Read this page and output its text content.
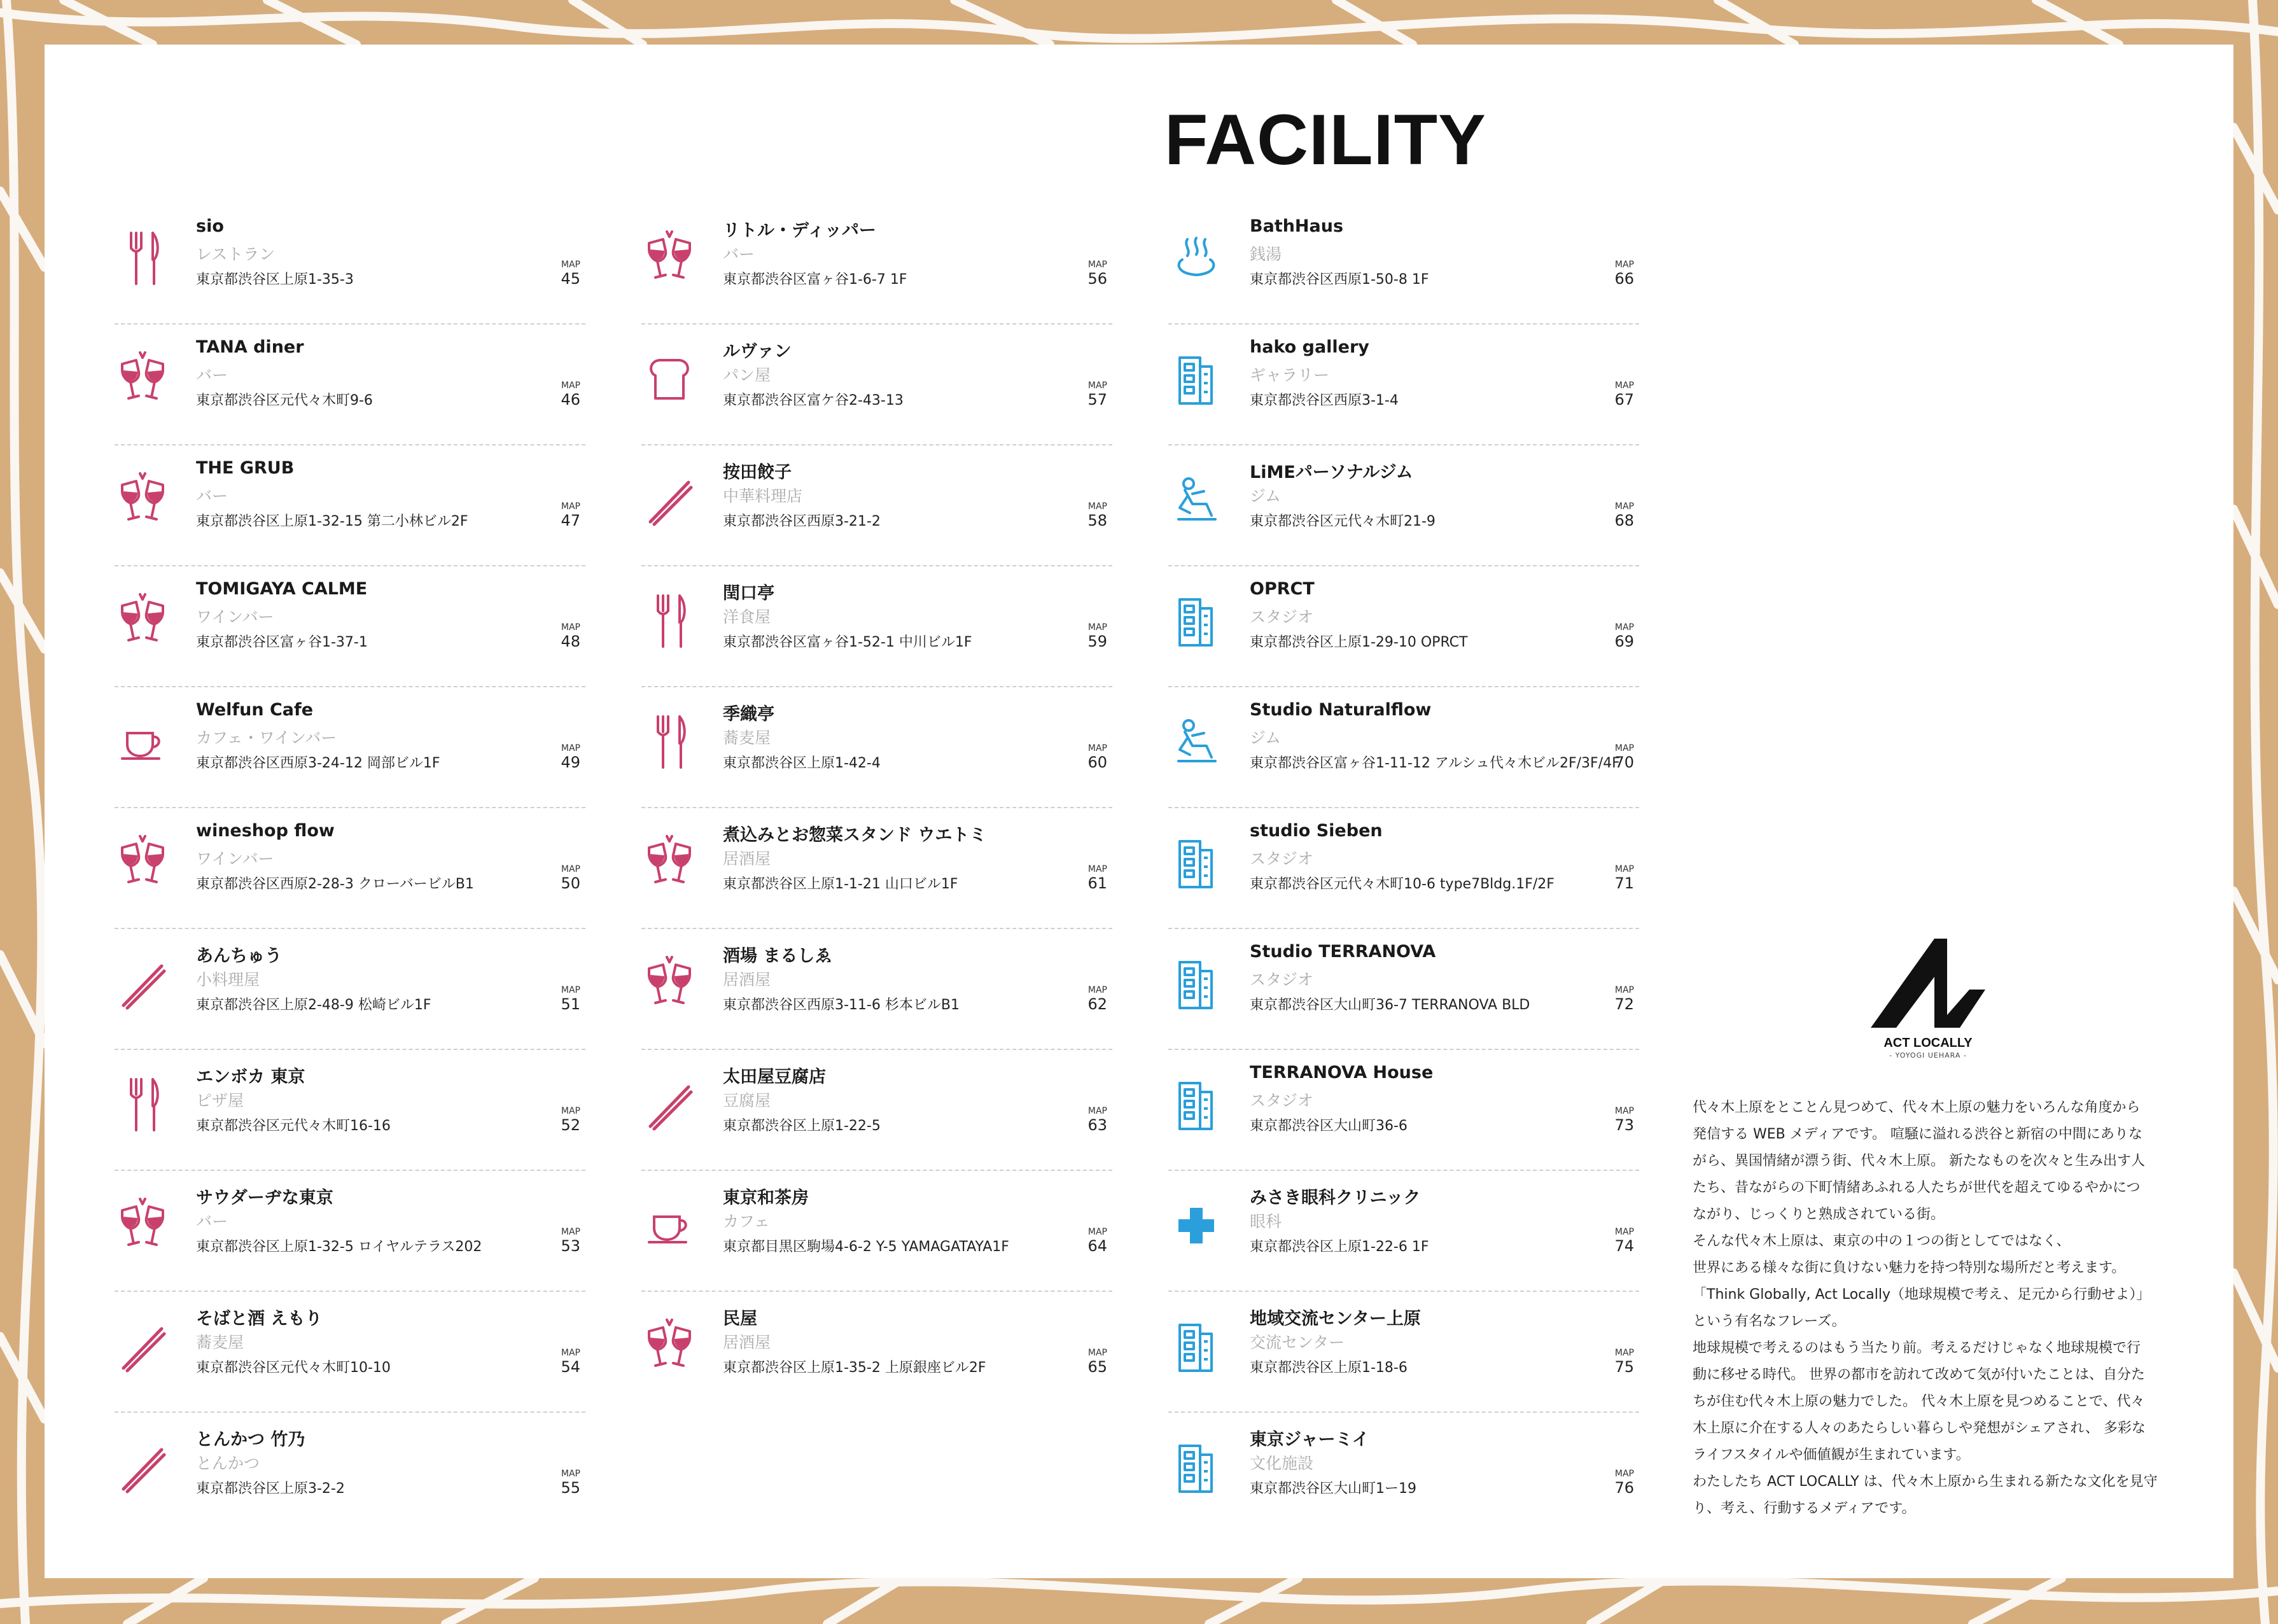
FACILITY
sio
レストラン
東京都渋谷区上原1-35-3
MAP
45
TANA diner
バー
東京都渋谷区元代々木町9-6
MAP
46
THE GRUB
バー
東京都渋谷区上原1-32-15 第二小林ビル2F
MAP
47
TOMIGAYA CALME
ワインバー
東京都渋谷区富ヶ谷1-37-1
MAP
48
Welfun Cafe
カフェ・ワインバー
東京都渋谷区西原3-24-12 岡部ビル1F
MAP
49
wineshop flow
ワインバー
東京都渋谷区西原2-28-3 クローバービルB1
MAP
50
あんちゅう
小料理屋
東京都渋谷区上原2-48-9 松崎ビル1F
MAP
51
エンボカ 東京
ピザ屋
東京都渋谷区元代々木町16-16
MAP
52
サウダーヂな東京
バー
東京都渋谷区上原1-32-5 ロイヤルテラス202
MAP
53
そばと酒 えもり
蕎麦屋
東京都渋谷区元代々木町10-10
MAP
54
とんかつ 竹乃
とんかつ
東京都渋谷区上原3-2-2
MAP
55
リトル・ディッパー
バー
東京都渋谷区富ヶ谷1-6-7 1F
MAP
56
ルヴァン
パン屋
東京都渋谷区富ケ谷2-43-13
MAP
57
按田餃子
中華料理店
東京都渋谷区西原3-21-2
MAP
58
閏口亭
洋食屋
東京都渋谷区富ヶ谷1-52-1 中川ビル1F
MAP
59
季織亭
蕎麦屋
東京都渋谷区上原1-42-4
MAP
60
煮込みとお惣菜スタンド ウエトミ
居酒屋
東京都渋谷区上原1-1-21 山口ビル1F
MAP
61
酒場 まるしゑ
居酒屋
東京都渋谷区西原3-11-6 杉本ビルB1
MAP
62
太田屋豆腐店
豆腐屋
東京都渋谷区上原1-22-5
MAP
63
東京和茶房
カフェ
東京都目黒区駒場4-6-2 Y-5 YAMAGATAYA1F
MAP
64
民屋
居酒屋
東京都渋谷区上原1-35-2 上原銀座ビル2F
MAP
65
BathHaus
銭湯
東京都渋谷区西原1-50-8 1F
MAP
66
hako gallery
ギャラリー
東京都渋谷区西原3-1-4
MAP
67
LiMEパーソナルジム
ジム
東京都渋谷区元代々木町21-9
MAP
68
OPRCT
スタジオ
東京都渋谷区上原1-29-10 OPRCT
MAP
69
Studio Naturalflow
ジム
東京都渋谷区富ヶ谷1-11-12 アルシュ代々木ビル2F/3F/4F
MAP
70
studio Sieben
スタジオ
東京都渋谷区元代々木町10-6 type7Bldg.1F/2F
MAP
71
Studio TERRANOVA
スタジオ
東京都渋谷区大山町36-7 TERRANOVA BLD
MAP
72
TERRANOVA House
スタジオ
東京都渋谷区大山町36-6
MAP
73
みさき眼科クリニック
眼科
東京都渋谷区上原1-22-6 1F
MAP
74
地域交流センター上原
交流センター
東京都渋谷区上原1-18-6
MAP
75
東京ジャーミイ
文化施設
東京都渋谷区大山町1ー19
MAP
76
ACT LOCALLY
- YOYOGI UEHARA -

代々木上原をとことん見つめて、代々木上原の魅力をいろんな角度から

発信する WEB メディアです。 喧騒に溢れる渋谷と新宿の中間にありな

がら、異国情緒が漂う街、代々木上原。 新たなものを次々と生み出す人

たち、昔ながらの下町情緒あふれる人たちが世代を超えてゆるやかにつ

ながり、じっくりと熟成されている街。

そんな代々木上原は、東京の中の１つの街としてではなく、

世界にある様々な街に負けない魅力を持つ特別な場所だと考えます。

「Think Globally, Act Locally（地球規模で考え、足元から行動せよ）」

という有名なフレーズ。

地球規模で考えるのはもう当たり前。考えるだけじゃなく地球規模で行

動に移せる時代。 世界の都市を訪れて改めて気が付いたことは、自分た

ちが住む代々木上原の魅力でした。 代々木上原を見つめることで、代々

木上原に介在する人々のあたらしい暮らしや発想がシェアされ、 多彩な

ライフスタイルや価値観が生まれています。

わたしたち ACT LOCALLY は、代々木上原から生まれる新たな文化を見守

り、考え、行動するメディアです。
